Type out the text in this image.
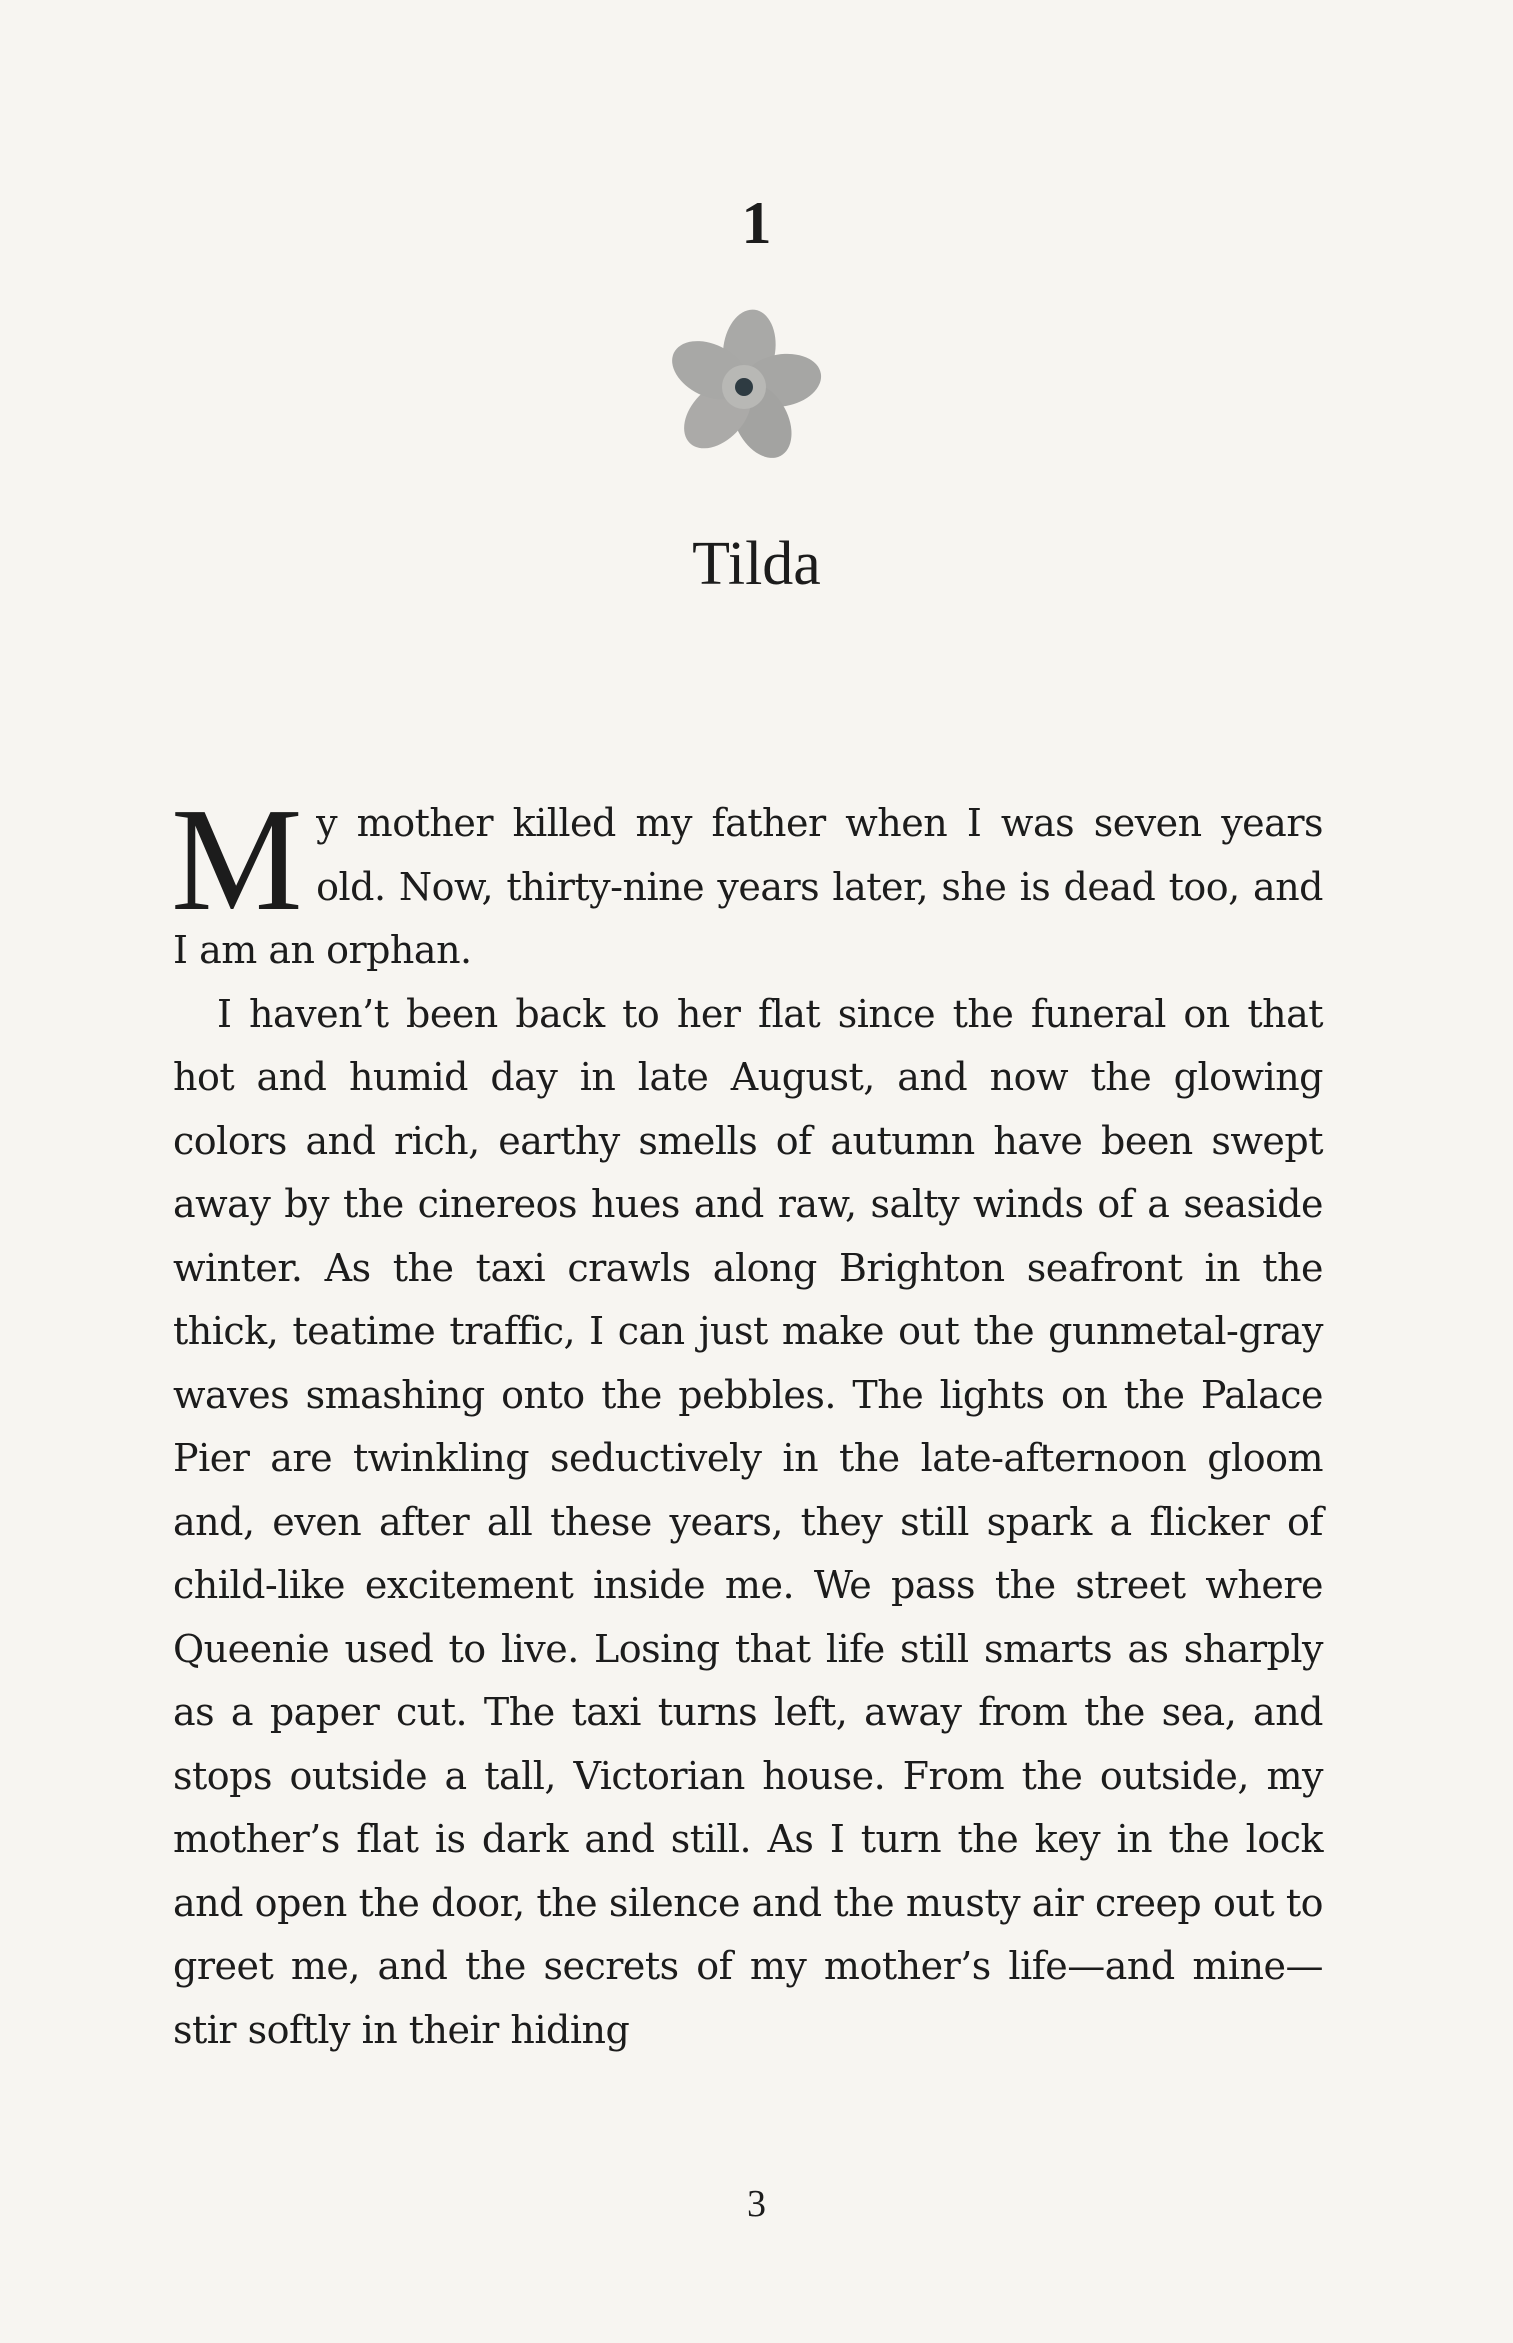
1
Tilda

My mother killed my father when I was seven years old. Now, thirty-nine years later, she is dead too, and I am an orphan.

I haven’t been back to her flat since the funeral on that hot and humid day in late August, and now the glowing colors and rich, earthy smells of autumn have been swept away by the cinereos hues and raw, salty winds of a seaside winter. As the taxi crawls along Brighton seafront in the thick, teatime traffic, I can just make out the gunmetal-gray waves smashing onto the pebbles. The lights on the Palace Pier are twinkling seductively in the late-afternoon gloom and, even after all these years, they still spark a flicker of child-like excitement inside me. We pass the street where Queenie used to live. Losing that life still smarts as sharply as a paper cut. The taxi turns left, away from the sea, and stops outside a tall, Victorian house. From the outside, my mother’s flat is dark and still. As I turn the key in the lock and open the door, the silence and the musty air creep out to greet me, and the secrets of my mother’s life—and mine—stir softly in their hiding

3
